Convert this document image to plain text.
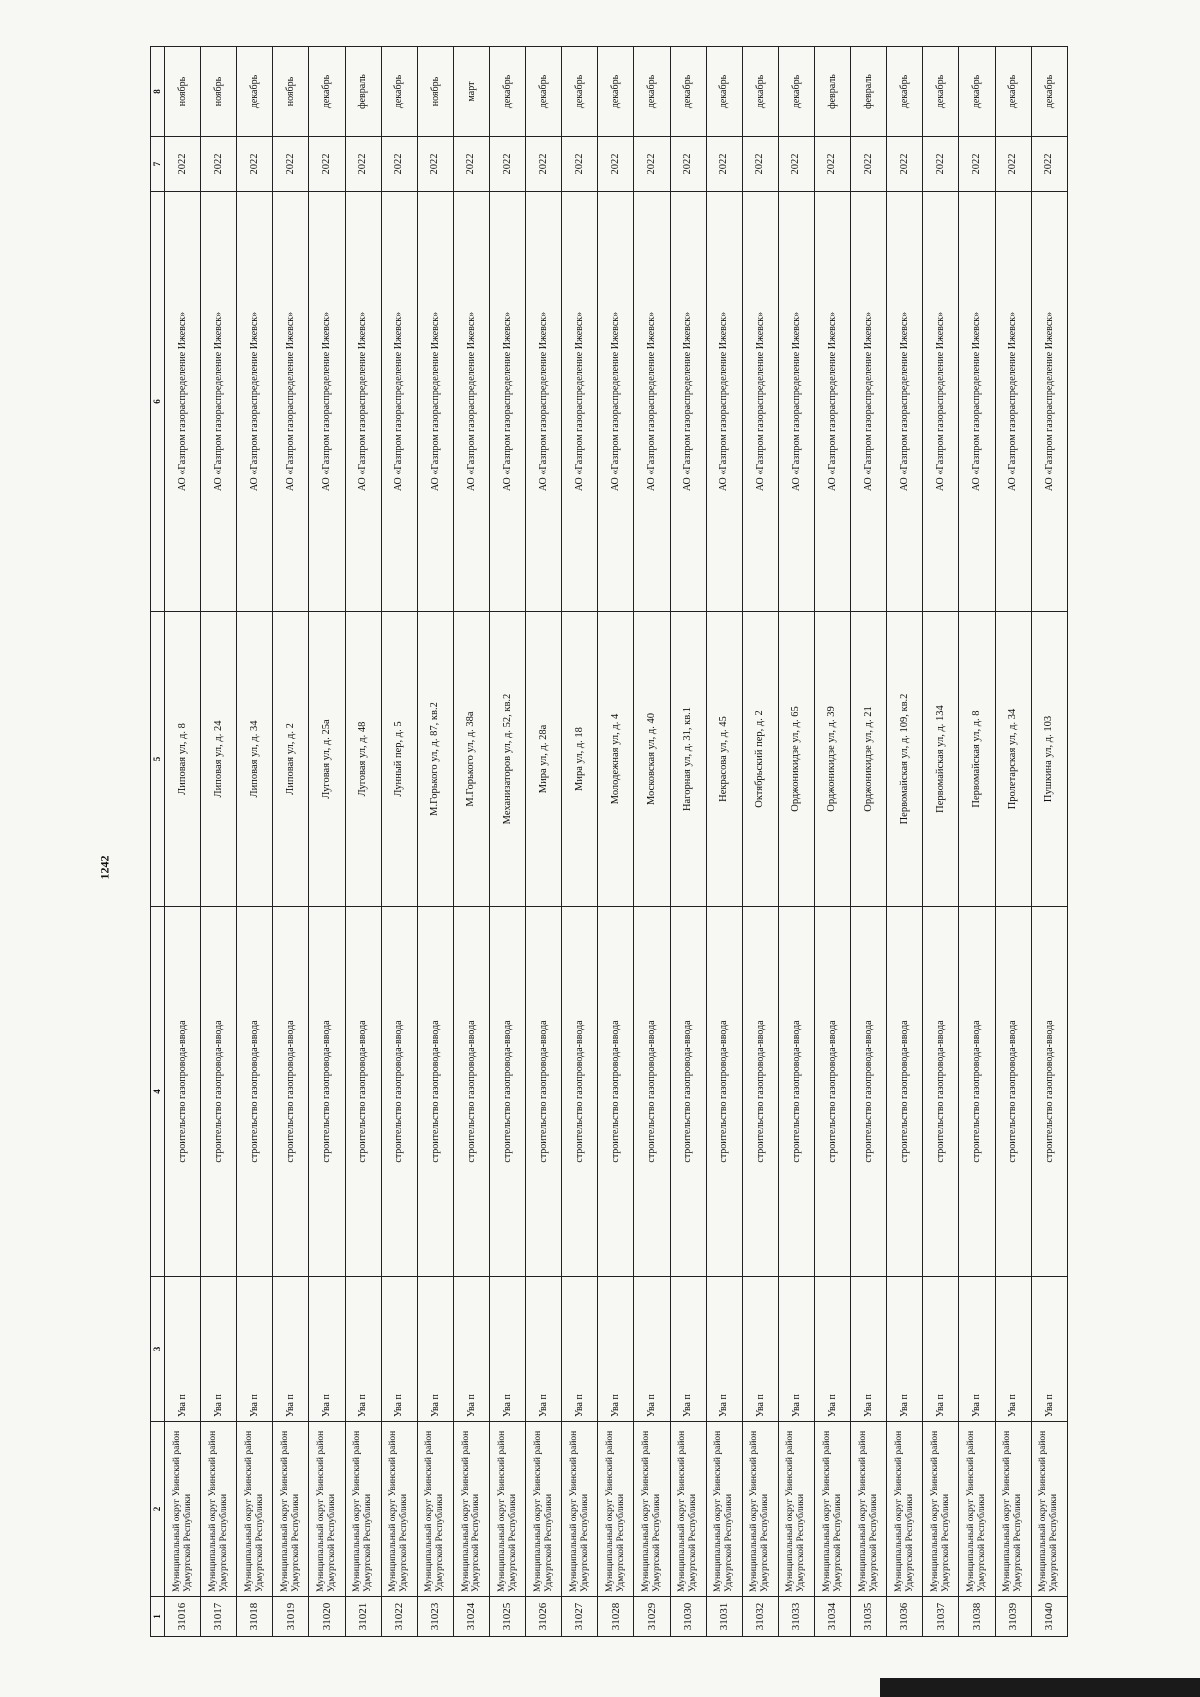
1242
1	2	3	4	5	6	7	8
31016	Муниципальный округ Увинский район
Удмуртской Республики	Ува п	строительство газопровода-ввода	Липовая ул, д. 8	АО «Газпром газораспределение Ижевск»	2022	ноябрь
31017	Муниципальный округ Увинский район
Удмуртской Республики	Ува п	строительство газопровода-ввода	Липовая ул, д. 24	АО «Газпром газораспределение Ижевск»	2022	ноябрь
31018	Муниципальный округ Увинский район
Удмуртской Республики	Ува п	строительство газопровода-ввода	Липовая ул, д. 34	АО «Газпром газораспределение Ижевск»	2022	декабрь
31019	Муниципальный округ Увинский район
Удмуртской Республики	Ува п	строительство газопровода-ввода	Липовая ул, д. 2	АО «Газпром газораспределение Ижевск»	2022	ноябрь
31020	Муниципальный округ Увинский район
Удмуртской Республики	Ува п	строительство газопровода-ввода	Луговая ул, д. 25а	АО «Газпром газораспределение Ижевск»	2022	декабрь
31021	Муниципальный округ Увинский район
Удмуртской Республики	Ува п	строительство газопровода-ввода	Луговая ул, д. 48	АО «Газпром газораспределение Ижевск»	2022	февраль
31022	Муниципальный округ Увинский район
Удмуртской Республики	Ува п	строительство газопровода-ввода	Лунный пер, д. 5	АО «Газпром газораспределение Ижевск»	2022	декабрь
31023	Муниципальный округ Увинский район
Удмуртской Республики	Ува п	строительство газопровода-ввода	М.Горького ул, д. 87, кв.2	АО «Газпром газораспределение Ижевск»	2022	ноябрь
31024	Муниципальный округ Увинский район
Удмуртской Республики	Ува п	строительство газопровода-ввода	М.Горького ул, д. 38а	АО «Газпром газораспределение Ижевск»	2022	март
31025	Муниципальный округ Увинский район
Удмуртской Республики	Ува п	строительство газопровода-ввода	Механизаторов ул, д. 52, кв.2	АО «Газпром газораспределение Ижевск»	2022	декабрь
31026	Муниципальный округ Увинский район
Удмуртской Республики	Ува п	строительство газопровода-ввода	Мира ул, д. 28а	АО «Газпром газораспределение Ижевск»	2022	декабрь
31027	Муниципальный округ Увинский район
Удмуртской Республики	Ува п	строительство газопровода-ввода	Мира ул, д. 18	АО «Газпром газораспределение Ижевск»	2022	декабрь
31028	Муниципальный округ Увинский район
Удмуртской Республики	Ува п	строительство газопровода-ввода	Молодежная ул, д. 4	АО «Газпром газораспределение Ижевск»	2022	декабрь
31029	Муниципальный округ Увинский район
Удмуртской Республики	Ува п	строительство газопровода-ввода	Московская ул, д. 40	АО «Газпром газораспределение Ижевск»	2022	декабрь
31030	Муниципальный округ Увинский район
Удмуртской Республики	Ува п	строительство газопровода-ввода	Нагорная ул, д. 31, кв.1	АО «Газпром газораспределение Ижевск»	2022	декабрь
31031	Муниципальный округ Увинский район
Удмуртской Республики	Ува п	строительство газопровода-ввода	Некрасова ул, д. 45	АО «Газпром газораспределение Ижевск»	2022	декабрь
31032	Муниципальный округ Увинский район
Удмуртской Республики	Ува п	строительство газопровода-ввода	Октябрьский пер, д. 2	АО «Газпром газораспределение Ижевск»	2022	декабрь
31033	Муниципальный округ Увинский район
Удмуртской Республики	Ува п	строительство газопровода-ввода	Орджоникидзе ул, д. 65	АО «Газпром газораспределение Ижевск»	2022	декабрь
31034	Муниципальный округ Увинский район
Удмуртской Республики	Ува п	строительство газопровода-ввода	Орджоникидзе ул, д. 39	АО «Газпром газораспределение Ижевск»	2022	февраль
31035	Муниципальный округ Увинский район
Удмуртской Республики	Ува п	строительство газопровода-ввода	Орджоникидзе ул, д. 21	АО «Газпром газораспределение Ижевск»	2022	февраль
31036	Муниципальный округ Увинский район
Удмуртской Республики	Ува п	строительство газопровода-ввода	Первомайская ул, д. 109, кв.2	АО «Газпром газораспределение Ижевск»	2022	декабрь
31037	Муниципальный округ Увинский район
Удмуртской Республики	Ува п	строительство газопровода-ввода	Первомайская ул, д. 134	АО «Газпром газораспределение Ижевск»	2022	декабрь
31038	Муниципальный округ Увинский район
Удмуртской Республики	Ува п	строительство газопровода-ввода	Первомайская ул, д. 8	АО «Газпром газораспределение Ижевск»	2022	декабрь
31039	Муниципальный округ Увинский район
Удмуртской Республики	Ува п	строительство газопровода-ввода	Пролетарская ул, д. 34	АО «Газпром газораспределение Ижевск»	2022	декабрь
31040	Муниципальный округ Увинский район
Удмуртской Республики	Ува п	строительство газопровода-ввода	Пушкина ул, д. 103	АО «Газпром газораспределение Ижевск»	2022	декабрь
